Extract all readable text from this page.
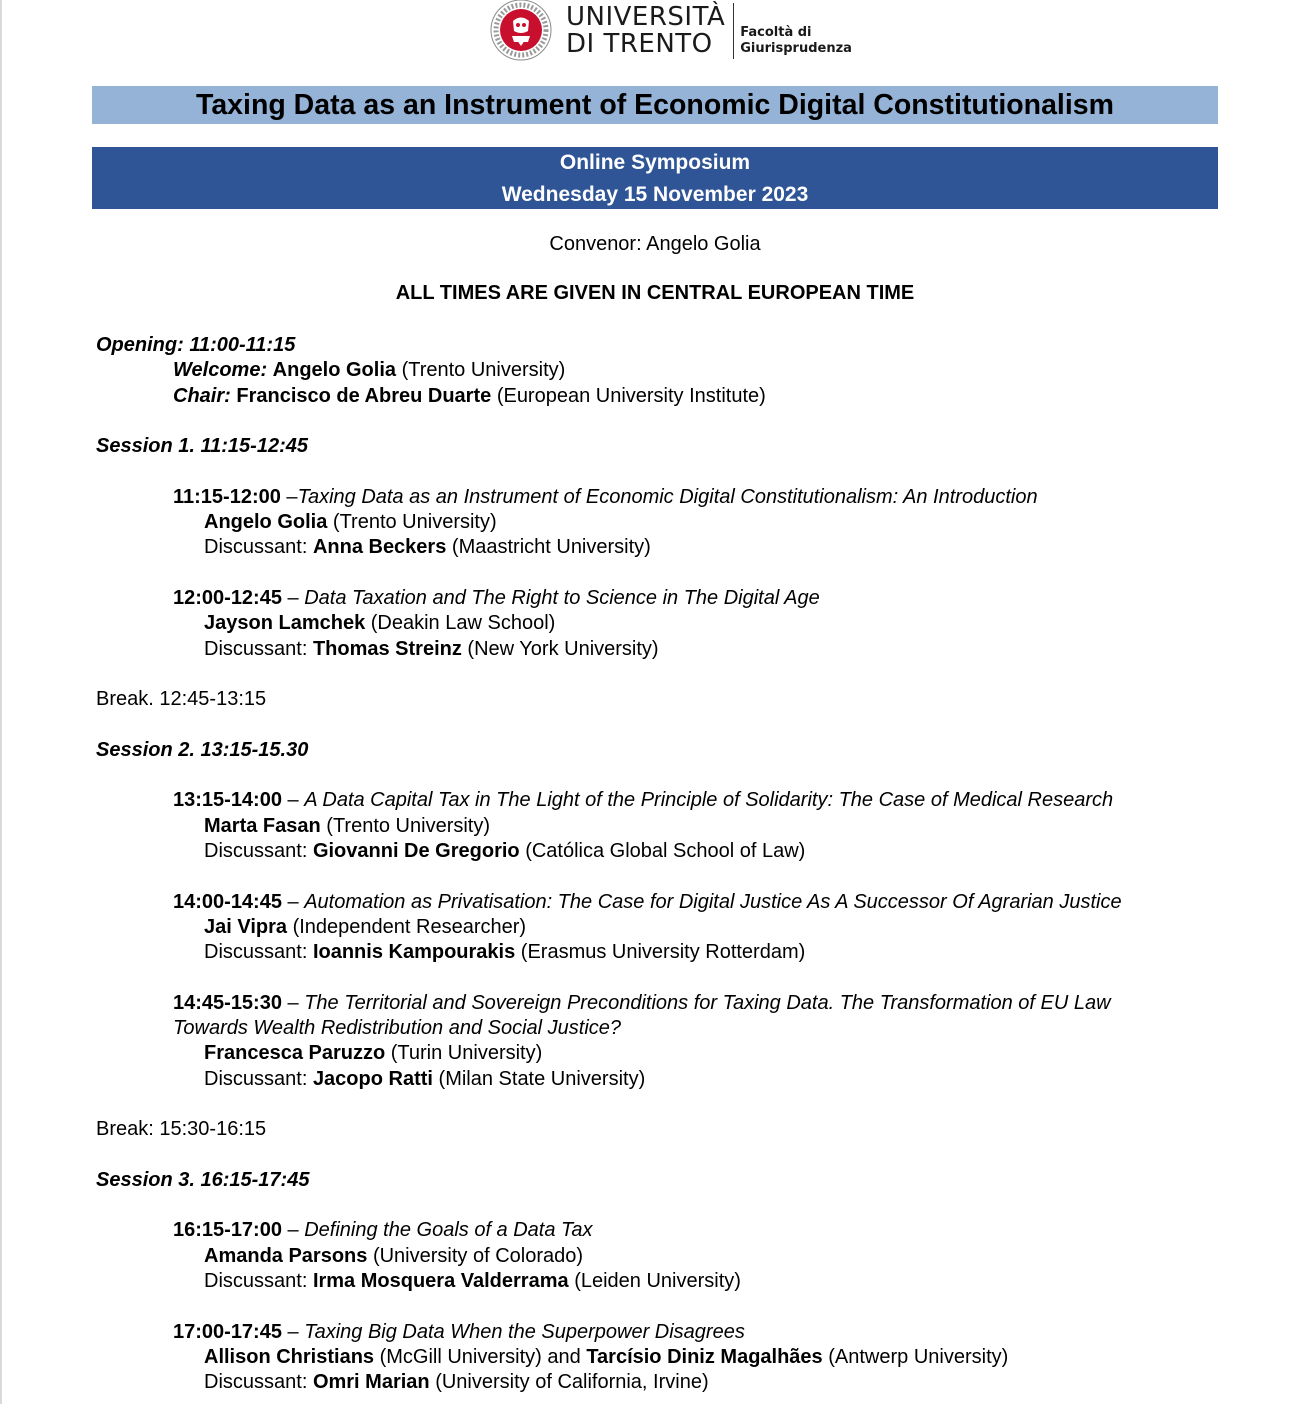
UNIVERSITÀ
DI TRENTO	Facoltà di
Giurisprudenza
Taxing Data as an Instrument of Economic Digital Constitutionalism
Online Symposium
Wednesday 15 November 2023
Convenor: Angelo Golia
ALL TIMES ARE GIVEN IN CENTRAL EUROPEAN TIME
Opening: 11:00-11:15
Welcome: Angelo Golia (Trento University)
Chair: Francisco de Abreu Duarte (European University Institute)
Session 1. 11:15-12:45
11:15-12:00 –Taxing Data as an Instrument of Economic Digital Constitutionalism: An Introduction
Angelo Golia (Trento University)
Discussant: Anna Beckers (Maastricht University)
12:00-12:45 – Data Taxation and The Right to Science in The Digital Age
Jayson Lamchek (Deakin Law School)
Discussant: Thomas Streinz (New York University)
Break. 12:45-13:15
Session 2. 13:15-15.30
13:15-14:00 – A Data Capital Tax in The Light of the Principle of Solidarity: The Case of Medical Research
Marta Fasan (Trento University)
Discussant: Giovanni De Gregorio (Católica Global School of Law)
14:00-14:45 – Automation as Privatisation: The Case for Digital Justice As A Successor Of Agrarian Justice
Jai Vipra (Independent Researcher)
Discussant: Ioannis Kampourakis (Erasmus University Rotterdam)
14:45-15:30 – The Territorial and Sovereign Preconditions for Taxing Data. The Transformation of EU Law
Towards Wealth Redistribution and Social Justice?
Francesca Paruzzo (Turin University)
Discussant: Jacopo Ratti (Milan State University)
Break: 15:30-16:15
Session 3. 16:15-17:45
16:15-17:00 – Defining the Goals of a Data Tax
Amanda Parsons (University of Colorado)
Discussant: Irma Mosquera Valderrama (Leiden University)
17:00-17:45 – Taxing Big Data When the Superpower Disagrees
Allison Christians (McGill University) and Tarcísio Diniz Magalhães (Antwerp University)
Discussant: Omri Marian (University of California, Irvine)
